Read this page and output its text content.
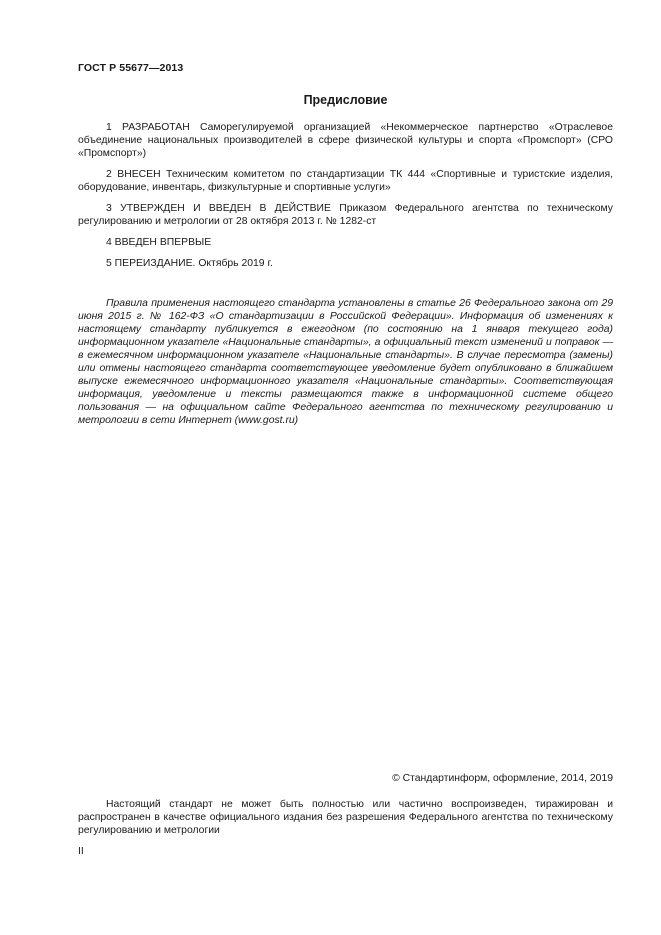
ГОСТ Р 55677—2013
Предисловие

1 РАЗРАБОТАН Саморегулируемой организацией «Некоммерческое партнерство «Отраслевое объединение национальных производителей в сфере физической культуры и спорта «Промспорт» (СРО «Промспорт»)

2 ВНЕСЕН Техническим комитетом по стандартизации ТК 444 «Спортивные и туристские изделия, оборудование, инвентарь, физкультурные и спортивные услуги»

3 УТВЕРЖДЕН И ВВЕДЕН В ДЕЙСТВИЕ Приказом Федерального агентства по техническому регулированию и метрологии от 28 октября 2013 г. № 1282-ст

4 ВВЕДЕН ВПЕРВЫЕ

5 ПЕРЕИЗДАНИЕ. Октябрь 2019 г.

Правила применения настоящего стандарта установлены в статье 26 Федерального закона от 29 июня 2015 г. № 162-ФЗ «О стандартизации в Российской Федерации». Информация об изменениях к настоящему стандарту публикуется в ежегодном (по состоянию на 1 января текущего года) информационном указателе «Национальные стандарты», а официальный текст изменений и поправок — в ежемесячном информационном указателе «Национальные стандарты». В случае пересмотра (замены) или отмены настоящего стандарта соответствующее уведомление будет опубликовано в ближайшем выпуске ежемесячного информационного указателя «Национальные стандарты». Соответствующая информация, уведомление и тексты размещаются также в информационной системе общего пользования — на официальном сайте Федерального агентства по техническому регулированию и метрологии в сети Интернет (www.gost.ru)
© Стандартинформ, оформление, 2014, 2019
Настоящий стандарт не может быть полностью или частично воспроизведен, тиражирован и распространен в качестве официального издания без разрешения Федерального агентства по техническому регулированию и метрологии
II
